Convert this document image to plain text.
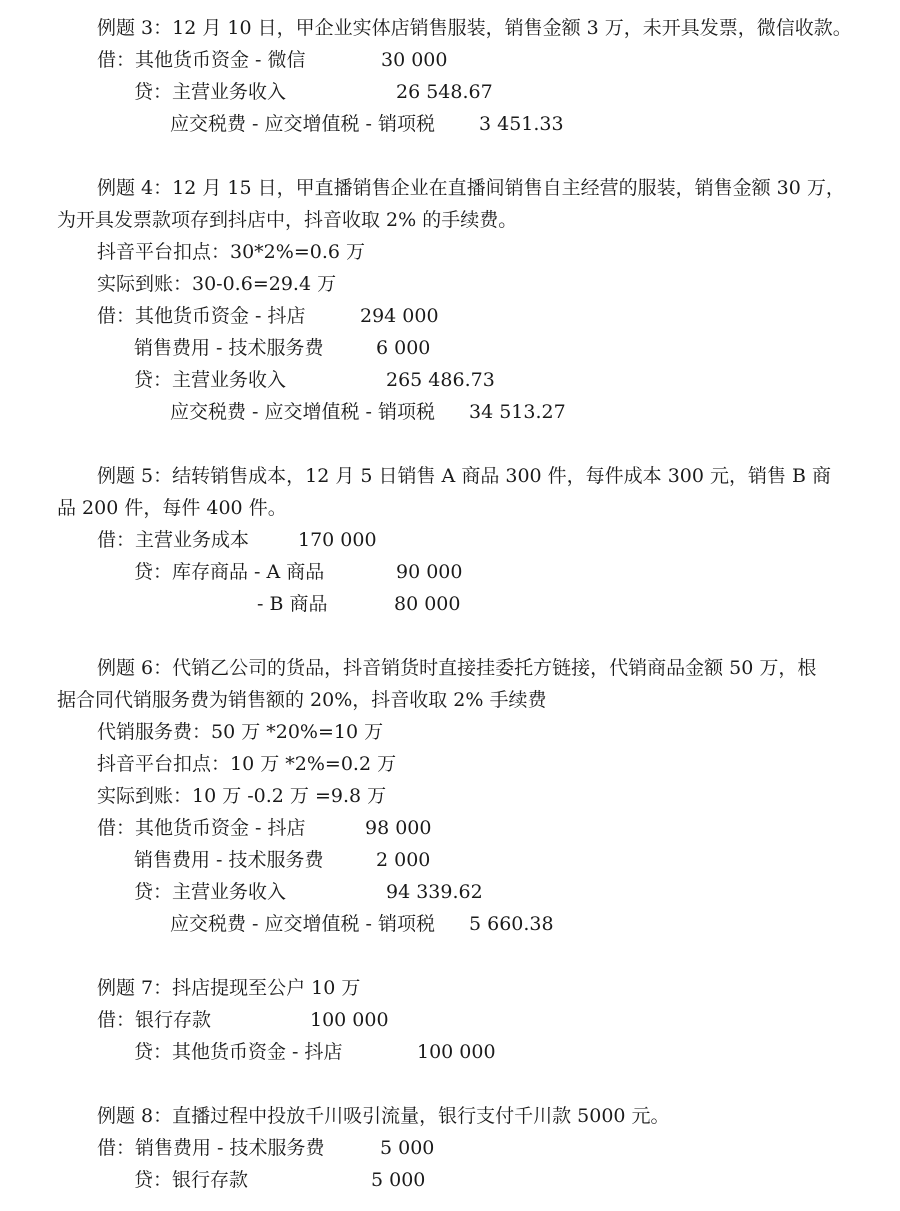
例题 3：12 月 10 日，甲企业实体店销售服装，销售金额 3 万，未开具发票，微信收款。
借：其他货币资金 - 微信	30 000
贷：主营业务收入	26 548.67
应交税费 - 应交增值税 - 销项税 3 451.33
例题 4：12 月 15 日，甲直播销售企业在直播间销售自主经营的服装，销售金额 30 万，
为开具发票款项存到抖店中，抖音收取 2% 的手续费。
抖音平台扣点：30*2%=0.6 万
实际到账：30-0.6=29.4 万
借：其他货币资金 - 抖店	294 000
销售费用 - 技术服务费	6 000
贷：主营业务收入	265 486.73
应交税费 - 应交增值税 - 销项税 34 513.27
例题 5：结转销售成本，12 月 5 日销售 A 商品 300 件，每件成本 300 元，销售 B 商
品 200 件，每件 400 件。
借：主营业务成本	170 000
贷：库存商品 - A 商品	90 000
- B 商品	80 000
例题 6：代销乙公司的货品，抖音销货时直接挂委托方链接，代销商品金额 50 万，根
据合同代销服务费为销售额的 20%，抖音收取 2% 手续费
代销服务费：50 万 *20%=10 万
抖音平台扣点：10 万 *2%=0.2 万
实际到账：10 万 -0.2 万 =9.8 万
借：其他货币资金 - 抖店	98 000
销售费用 - 技术服务费	2 000
贷：主营业务收入	94 339.62
应交税费 - 应交增值税 - 销项税 5 660.38
例题 7：抖店提现至公户 10 万
借：银行存款	100 000
贷：其他货币资金 - 抖店	100 000
例题 8：直播过程中投放千川吸引流量，银行支付千川款 5000 元。
借：销售费用 - 技术服务费	5 000
贷：银行存款	5 000
